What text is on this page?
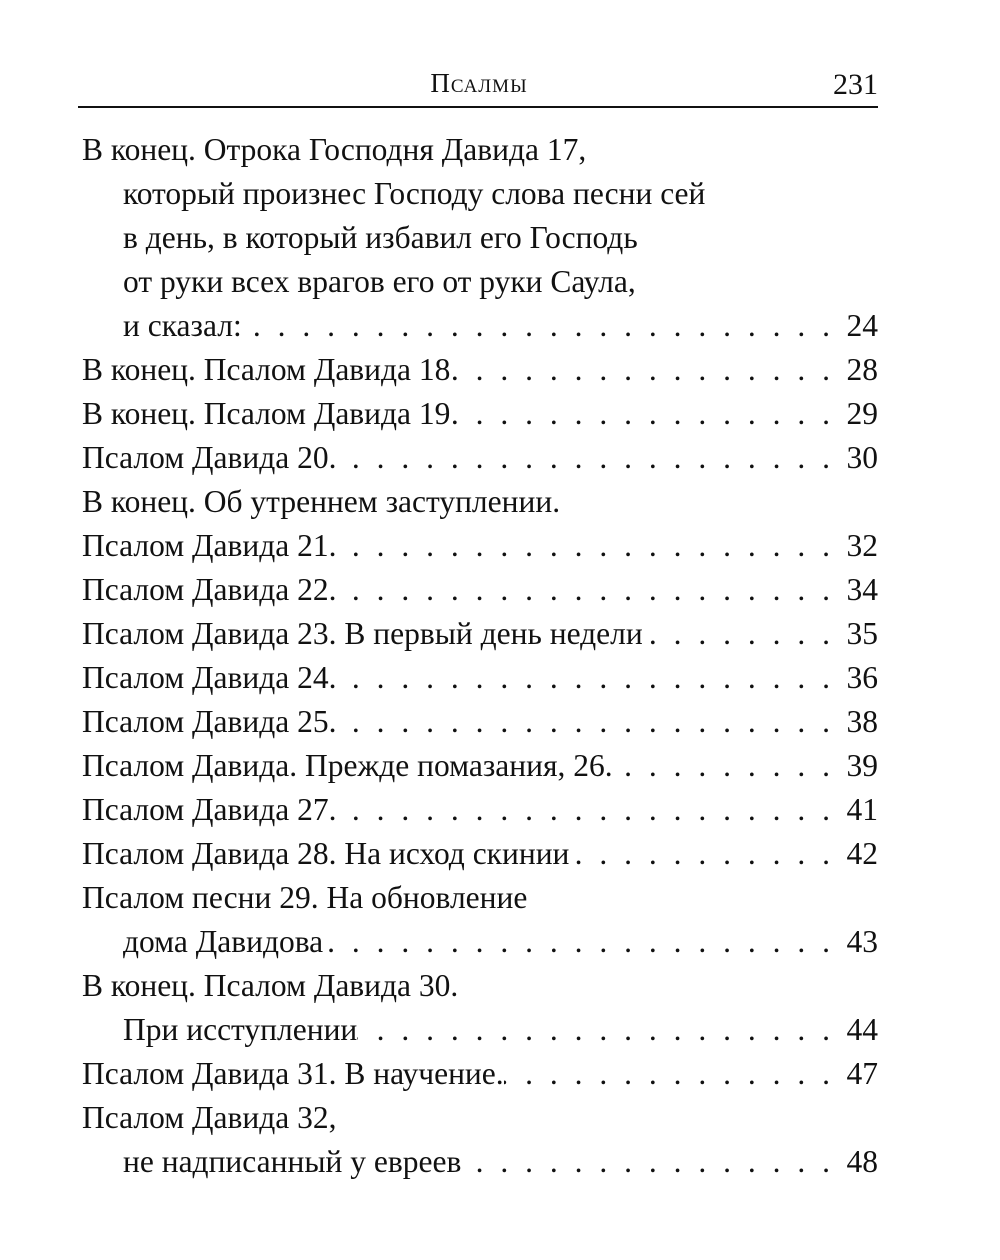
Псалмы	231
В конец. Отрока Господня Давида 17,
который произнес Господу слова песни сей
в день, в который избавил его Господь
от руки всех врагов его от руки Саула,
и сказал: . . .	24
В конец. Псалом Давида 18 . . .	28
В конец. Псалом Давида 19 . . .	29
Псалом Давида 20. . . .	30
В конец. Об утреннем заступлении.
Псалом Давида 21. . . .	32
Псалом Давида 22. . . .	34
Псалом Давида 23. В первый день недели . . .	35
Псалом Давида 24. . . .	36
Псалом Давида 25. . . .	38
Псалом Давида. Прежде помазания, 26. . . .	39
Псалом Давида 27. . . .	41
Псалом Давида 28. На исход скинии . . .	42
Псалом песни 29. На обновление
дома Давидова . . .	43
В конец. Псалом Давида 30.
При исступлении . . .	44
Псалом Давида 31. В научение. . . .	47
Псалом Давида 32,
не надписанный у евреев . . .	48
